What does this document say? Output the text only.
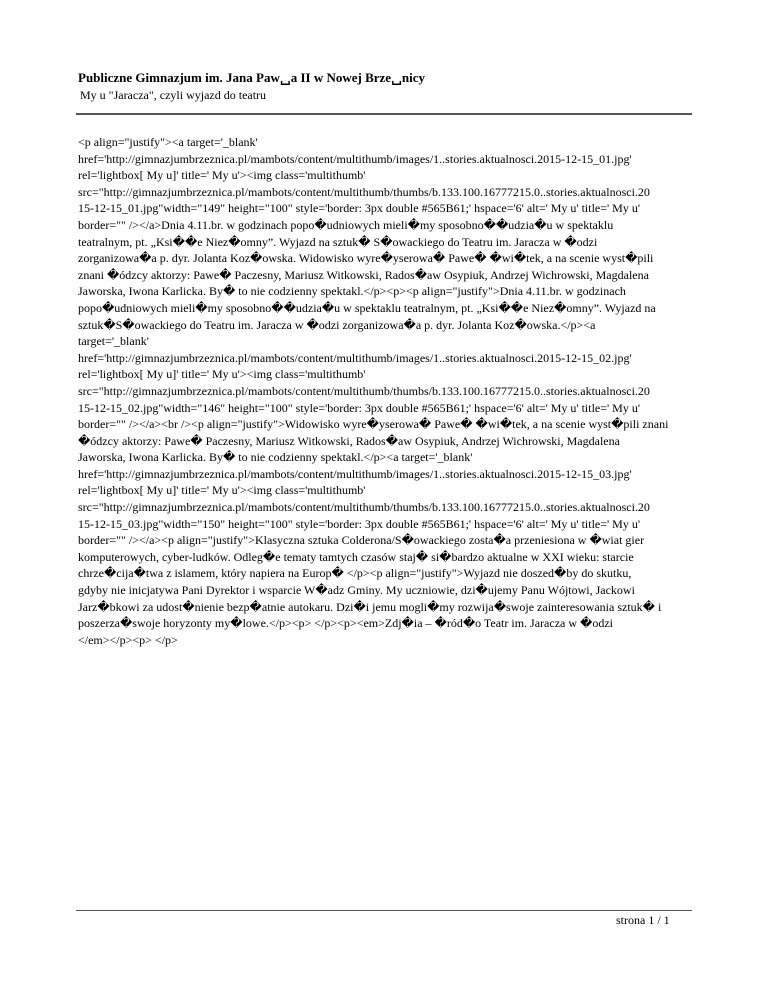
Publiczne Gimnazjum im. Jana Paw␣a II w Nowej Brze␣nicy
My u "Jaracza", czyli wyjazd do teatru
<p align="justify"><a target='_blank'
href='http://gimnazjumbrzeznica.pl/mambots/content/multithumb/images/1..stories.aktualnosci.2015-12-15_01.jpg'
rel='lightbox[ My u]' title=' My u'><img class='multithumb'
src="http://gimnazjumbrzeznica.pl/mambots/content/multithumb/thumbs/b.133.100.16777215.0..stories.aktualnosci.20
15-12-15_01.jpg"width="149" height="100" style='border: 3px double #565B61;' hspace='6' alt=' My u' title=' My u'
border="" /></a>Dnia 4.11.br. w godzinach popo�udniowych mieli�my sposobno��udzia�u w spektaklu
teatralnym, pt. „Ksi��e Niez�omny”. Wyjazd na sztuk� S�owackiego do Teatru im. Jaracza w �odzi
zorganizowa�a p. dyr. Jolanta Koz�owska. Widowisko wyre�yserowa� Pawe� �wi�tek, a na scenie wyst�pili
znani �ódzcy aktorzy: Pawe� Paczesny, Mariusz Witkowski, Rados�aw Osypiuk, Andrzej Wichrowski, Magdalena
Jaworska, Iwona Karlicka. By� to nie codzienny spektakl.</p><p><p align="justify">Dnia 4.11.br. w godzinach
popo�udniowych mieli�my sposobno��udzia�u w spektaklu teatralnym, pt. „Ksi��e Niez�omny”. Wyjazd na
sztuk�S�owackiego do Teatru im. Jaracza w �odzi zorganizowa�a p. dyr. Jolanta Koz�owska.</p><a
target='_blank'
href='http://gimnazjumbrzeznica.pl/mambots/content/multithumb/images/1..stories.aktualnosci.2015-12-15_02.jpg'
rel='lightbox[ My u]' title=' My u'><img class='multithumb'
src="http://gimnazjumbrzeznica.pl/mambots/content/multithumb/thumbs/b.133.100.16777215.0..stories.aktualnosci.20
15-12-15_02.jpg"width="146" height="100" style='border: 3px double #565B61;' hspace='6' alt=' My u' title=' My u'
border="" /></a><br /><p align="justify">Widowisko wyre�yserowa� Pawe� �wi�tek, a na scenie wyst�pili znani
�ódzcy aktorzy: Pawe� Paczesny, Mariusz Witkowski, Rados�aw Osypiuk, Andrzej Wichrowski, Magdalena
Jaworska, Iwona Karlicka. By� to nie codzienny spektakl.</p><a target='_blank'
href='http://gimnazjumbrzeznica.pl/mambots/content/multithumb/images/1..stories.aktualnosci.2015-12-15_03.jpg'
rel='lightbox[ My u]' title=' My u'><img class='multithumb'
src="http://gimnazjumbrzeznica.pl/mambots/content/multithumb/thumbs/b.133.100.16777215.0..stories.aktualnosci.20
15-12-15_03.jpg"width="150" height="100" style='border: 3px double #565B61;' hspace='6' alt=' My u' title=' My u'
border="" /></a><p align="justify">Klasyczna sztuka Colderona/S�owackiego zosta�a przeniesiona w �wiat gier
komputerowych, cyber-ludków. Odleg�e tematy tamtych czasów staj� si�bardzo aktualne w XXI wieku: starcie
chrze�cija�twa z islamem, który napiera na Europ� </p><p align="justify">Wyjazd nie doszed�by do skutku,
gdyby nie inicjatywa Pani Dyrektor i wsparcie W�adz Gminy. My uczniowie, dzi�ujemy Panu Wójtowi, Jackowi
Jarz�bkowi za udost�nienie bezp�atnie autokaru. Dzi�i jemu mogli�my rozwija�swoje zainteresowania sztuk� i
poszerza�swoje horyzonty my�lowe.</p><p> </p><p><em>Zdj�ia – �ród�o Teatr im. Jaracza w �odzi
</em></p><p> </p>
strona 1 / 1
